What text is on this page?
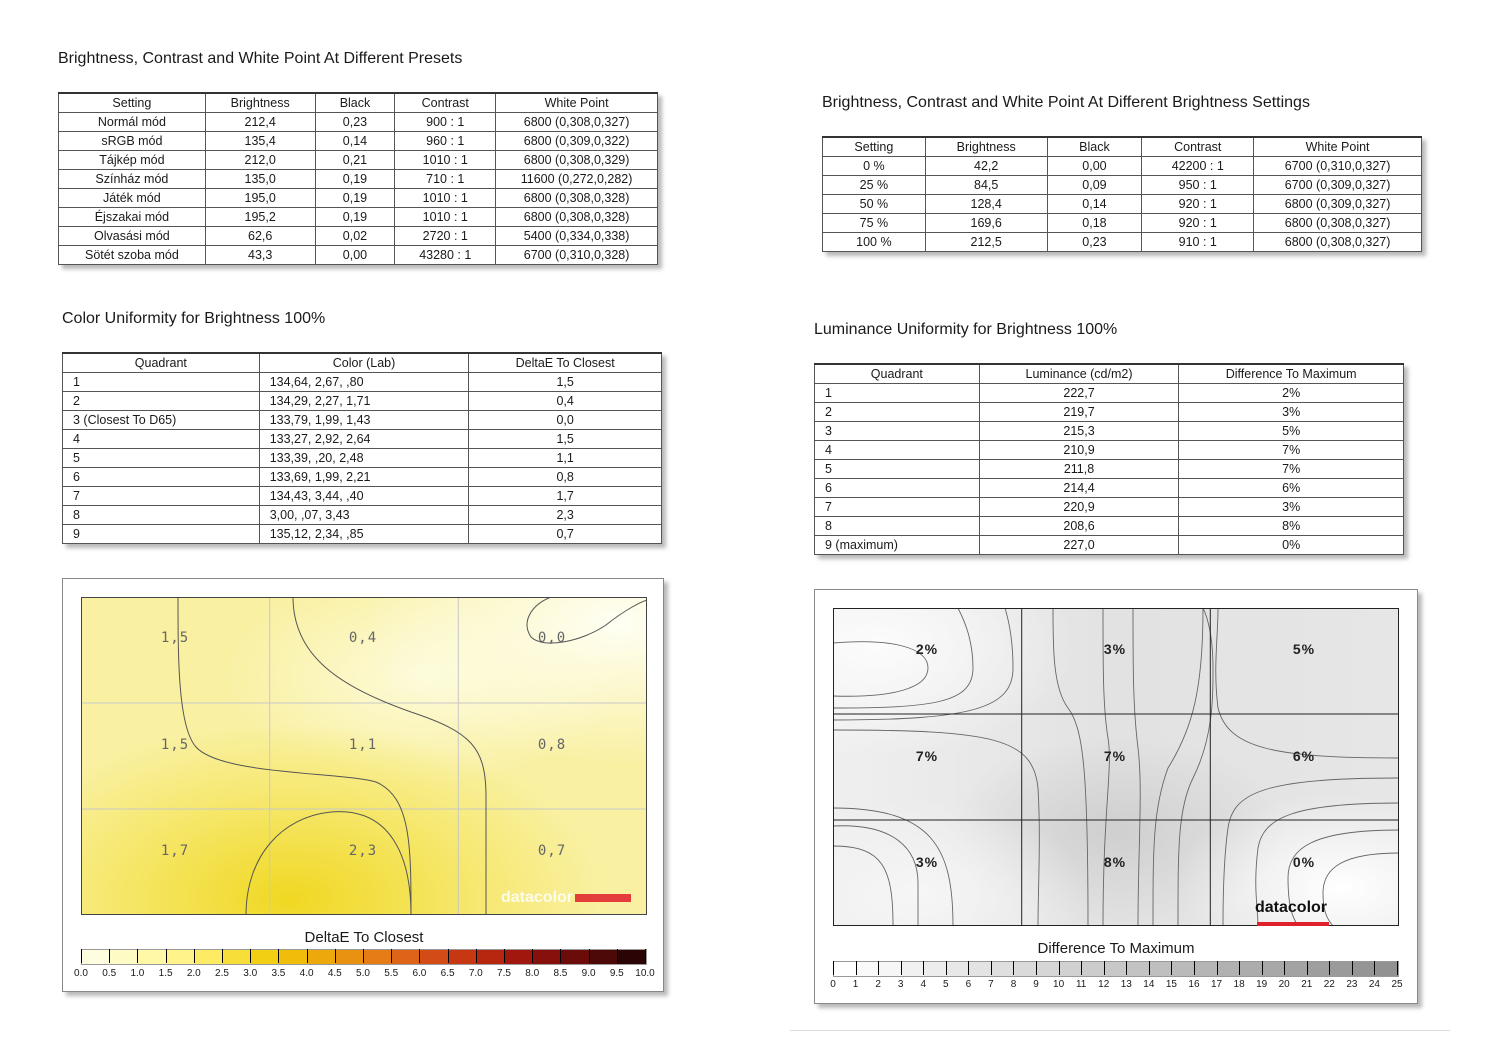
Brightness, Contrast and White Point At Different Presets
Setting	Brightness	Black	Contrast	White Point
Normál mód	212,4	0,23	900 : 1	6800 (0,308,0,327)
sRGB mód	135,4	0,14	960 : 1	6800 (0,309,0,322)
Tájkép mód	212,0	0,21	1010 : 1	6800 (0,308,0,329)
Színház mód	135,0	0,19	710 : 1	11600 (0,272,0,282)
Játék mód	195,0	0,19	1010 : 1	6800 (0,308,0,328)
Éjszakai mód	195,2	0,19	1010 : 1	6800 (0,308,0,328)
Olvasási mód	62,6	0,02	2720 : 1	5400 (0,334,0,338)
Sötét szoba mód	43,3	0,00	43280 : 1	6700 (0,310,0,328)
Brightness, Contrast and White Point At Different Brightness Settings
Setting	Brightness	Black	Contrast	White Point
0 %	42,2	0,00	42200 : 1	6700 (0,310,0,327)
25 %	84,5	0,09	950 : 1	6700 (0,309,0,327)
50 %	128,4	0,14	920 : 1	6800 (0,309,0,327)
75 %	169,6	0,18	920 : 1	6800 (0,308,0,327)
100 %	212,5	0,23	910 : 1	6800 (0,308,0,327)
Color Uniformity for Brightness 100%
Quadrant	Color (Lab)	DeltaE To Closest
1	134,64, 2,67, ,80	1,5
2	134,29, 2,27, 1,71	0,4
3 (Closest To D65)	133,79, 1,99, 1,43	0,0
4	133,27, 2,92, 2,64	1,5
5	133,39, ,20, 2,48	1,1
6	133,69, 1,99, 2,21	0,8
7	134,43, 3,44, ,40	1,7
8	3,00, ,07, 3,43	2,3
9	135,12, 2,34, ,85	0,7
Luminance Uniformity for Brightness 100%
Quadrant	Luminance (cd/m2)	Difference To Maximum
1	222,7	2%
2	219,7	3%
3	215,3	5%
4	210,9	7%
5	211,8	7%
6	214,4	6%
7	220,9	3%
8	208,6	8%
9 (maximum)	227,0	0%
1,5	0,4	0,0
1,5	1,1	0,8
1,7	2,3	0,7
datacolor
DeltaE To Closest
0.0 0.5 1.0 1.5 2.0 2.5 3.0 3.5 4.0 4.5 5.0 5.5 6.0 6.5 7.0 7.5 8.0 8.5 9.0 9.5 10.0
2%	3%	5%
7%	7%	6%
3%	8%	0%
datacolor
Difference To Maximum
0 1 2 3 4 5 6 7 8 9 10 11 12 13 14 15 16 17 18 19 20 21 22 23 24 25
